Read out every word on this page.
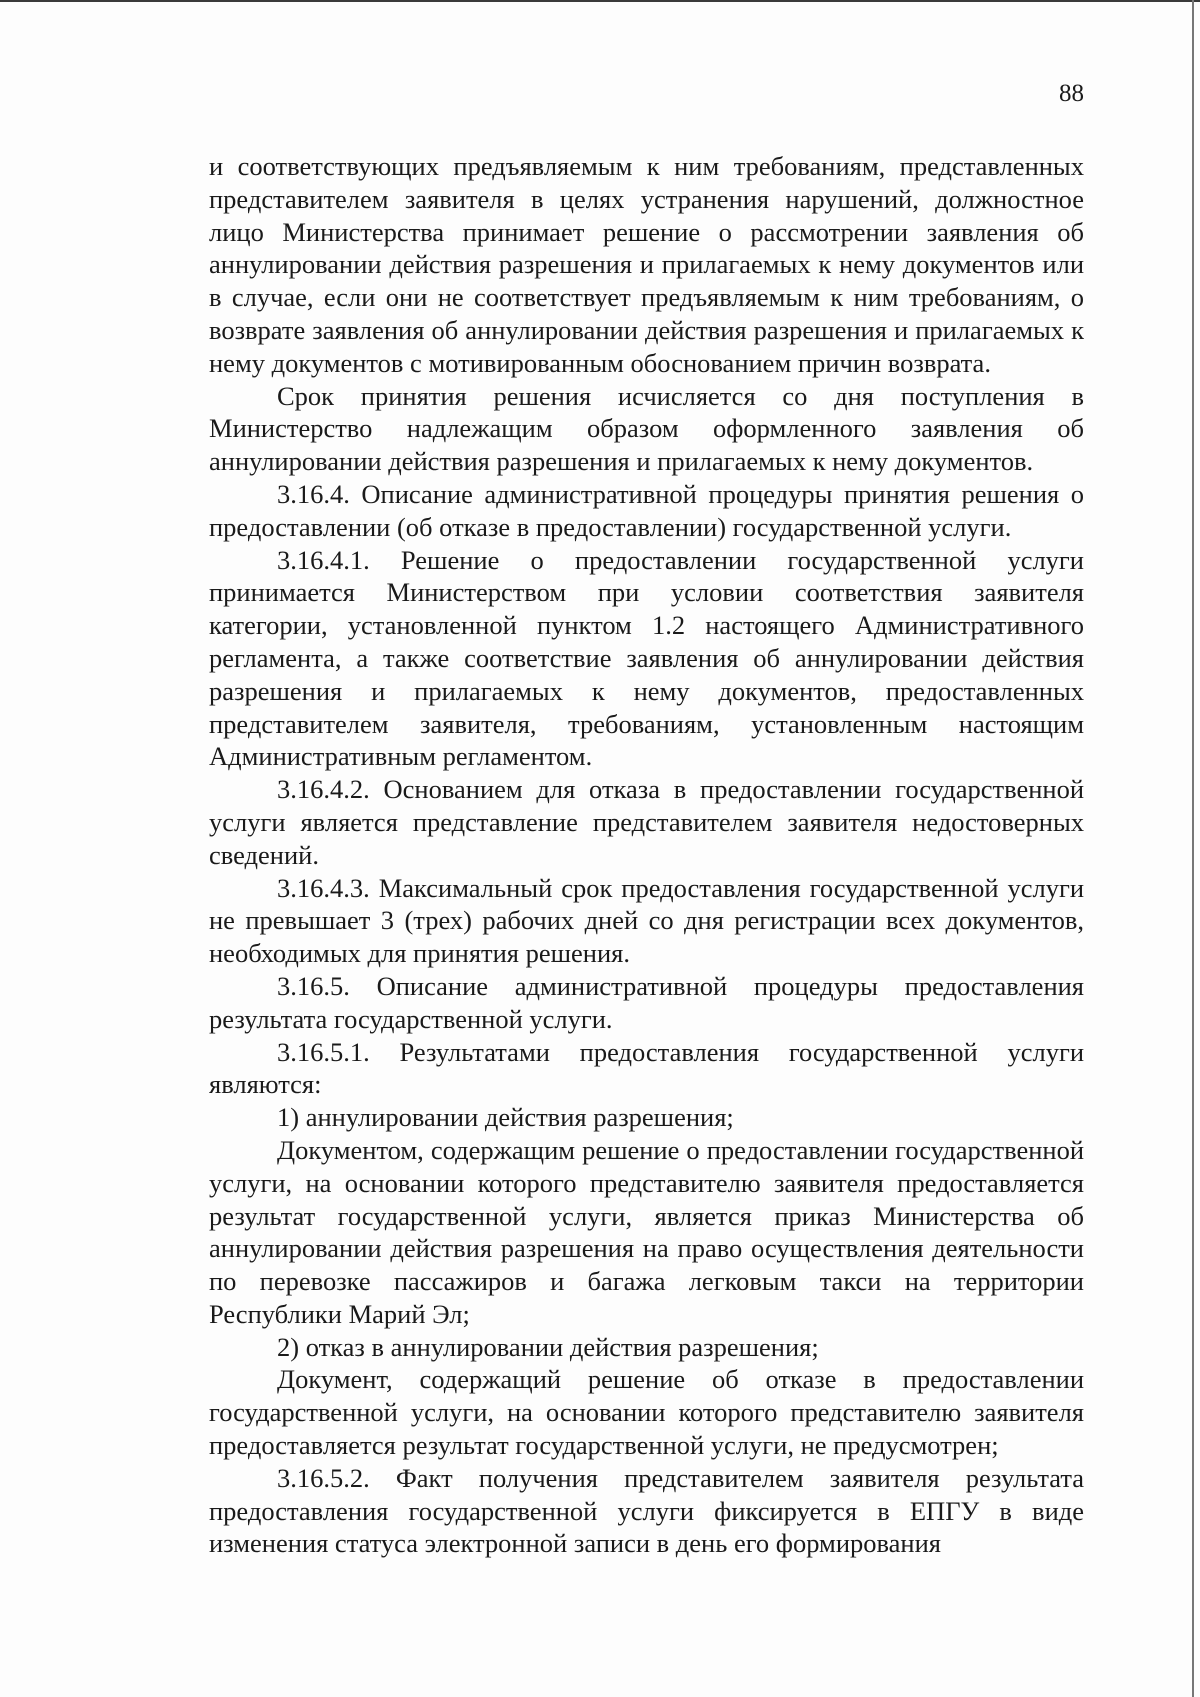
88

и соответствующих предъявляемым к ним требованиям, представленных представителем заявителя в целях устранения нарушений, должностное лицо Министерства принимает решение о рассмотрении заявления об аннулировании действия разрешения и прилагаемых к нему документов или в случае, если они не соответствует предъявляемым к ним требованиям, о возврате заявления об аннулировании действия разрешения и прилагаемых к нему документов с мотивированным обоснованием причин возврата.

Срок принятия решения исчисляется со дня поступления в Министерство надлежащим образом оформленного заявления об аннулировании действия разрешения и прилагаемых к нему документов.

3.16.4. Описание административной процедуры принятия решения о предоставлении (об отказе в предоставлении) государственной услуги.

3.16.4.1. Решение о предоставлении государственной услуги принимается Министерством при условии соответствия заявителя категории, установленной пунктом 1.2 настоящего Административного регламента, а также соответствие заявления об аннулировании действия разрешения и прилагаемых к нему документов, предоставленных представителем заявителя, требованиям, установленным настоящим Административным регламентом.

3.16.4.2. Основанием для отказа в предоставлении государственной услуги является представление представителем заявителя недостоверных сведений.

3.16.4.3. Максимальный срок предоставления государственной услуги не превышает 3 (трех) рабочих дней со дня регистрации всех документов, необходимых для принятия решения.

3.16.5. Описание административной процедуры предоставления результата государственной услуги.

3.16.5.1. Результатами предоставления государственной услуги являются:

1) аннулировании действия разрешения;

Документом, содержащим решение о предоставлении государственной услуги, на основании которого представителю заявителя предоставляется результат государственной услуги, является приказ Министерства об аннулировании действия разрешения на право осуществления деятельности по перевозке пассажиров и багажа легковым такси на территории Республики Марий Эл;

2) отказ в аннулировании действия разрешения;

Документ, содержащий решение об отказе в предоставлении государственной услуги, на основании которого представителю заявителя предоставляется результат государственной услуги, не предусмотрен;

3.16.5.2. Факт получения представителем заявителя результата предоставления государственной услуги фиксируется в ЕПГУ в виде изменения статуса электронной записи в день его формирования
